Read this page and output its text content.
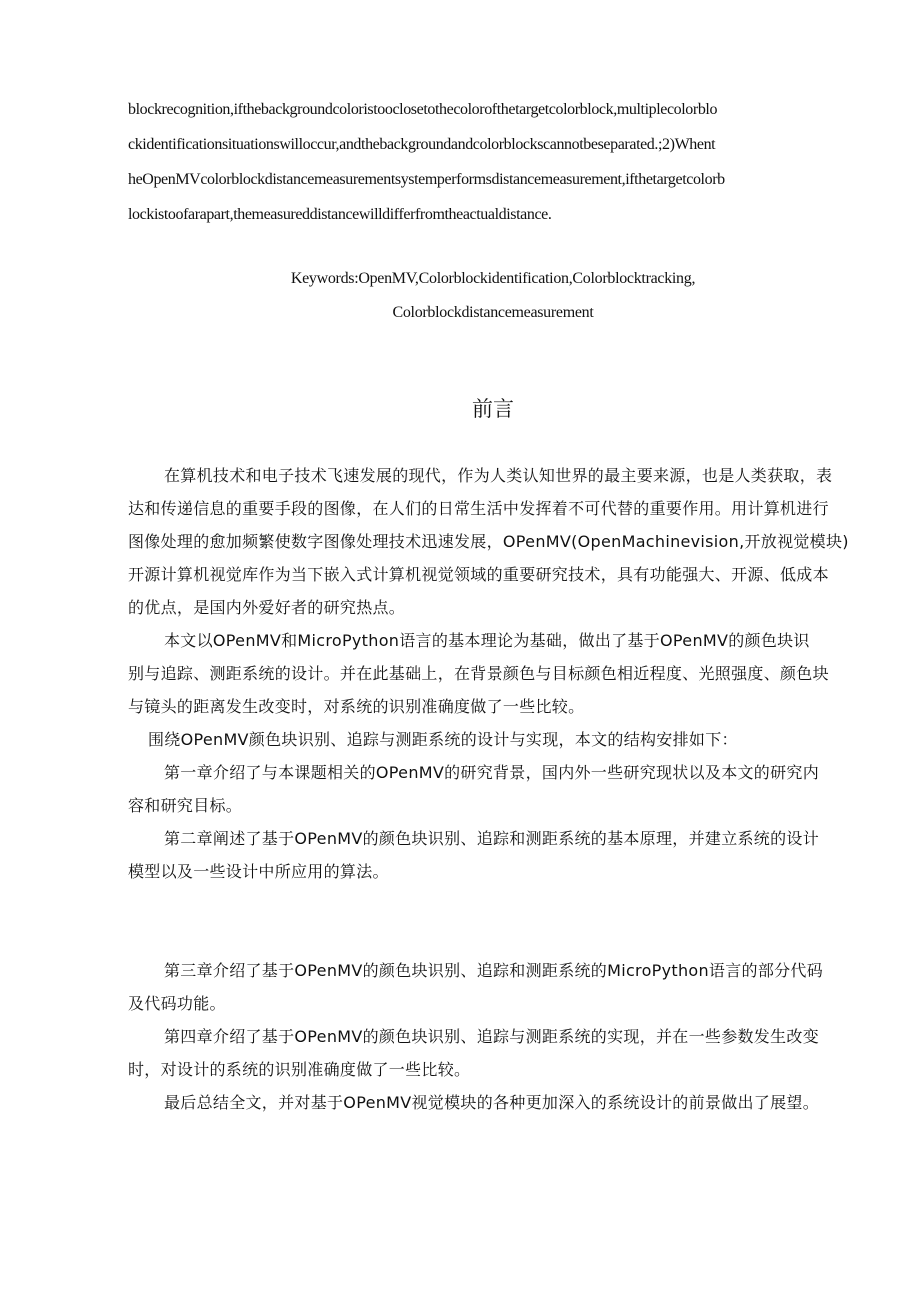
blockrecognition,ifthebackgroundcoloristooclosetothecolorofthetargetcolorblock,multiplecolorblo
ckidentificationsituationswilloccur,andthebackgroundandcolorblockscannotbeseparated.;2)Whent
heOpenMVcolorblockdistancemeasurementsystemperformsdistancemeasurement,ifthetargetcolorb
lockistoofarapart,themeasureddistancewilldifferfromtheactualdistance.
Keywords:OpenMV,Colorblockidentification,Colorblocktracking,
Colorblockdistancemeasurement
前言
在算机技术和电子技术飞速发展的现代，作为人类认知世界的最主要来源，也是人类获取，表
达和传递信息的重要手段的图像，在人们的日常生活中发挥着不可代替的重要作用。用计算机进行
图像处理的愈加频繁使数字图像处理技术迅速发展，OPenMV(OpenMachinevision,开放视觉模块)
开源计算机视觉库作为当下嵌入式计算机视觉领域的重要研究技术，具有功能强大、开源、低成本
的优点，是国内外爱好者的研究热点。
本文以OPenMV和MicroPython语言的基本理论为基础，做出了基于OPenMV的颜色块识
别与追踪、测距系统的设计。并在此基础上，在背景颜色与目标颜色相近程度、光照强度、颜色块
与镜头的距离发生改变时，对系统的识别准确度做了一些比较。
围绕OPenMV颜色块识别、追踪与测距系统的设计与实现，本文的结构安排如下：
第一章介绍了与本课题相关的OPenMV的研究背景，国内外一些研究现状以及本文的研究内
容和研究目标。
第二章阐述了基于OPenMV的颜色块识别、追踪和测距系统的基本原理，并建立系统的设计
模型以及一些设计中所应用的算法。
第三章介绍了基于OPenMV的颜色块识别、追踪和测距系统的MicroPython语言的部分代码
及代码功能。
第四章介绍了基于OPenMV的颜色块识别、追踪与测距系统的实现，并在一些参数发生改变
时，对设计的系统的识别准确度做了一些比较。
最后总结全文，并对基于OPenMV视觉模块的各种更加深入的系统设计的前景做出了展望。
